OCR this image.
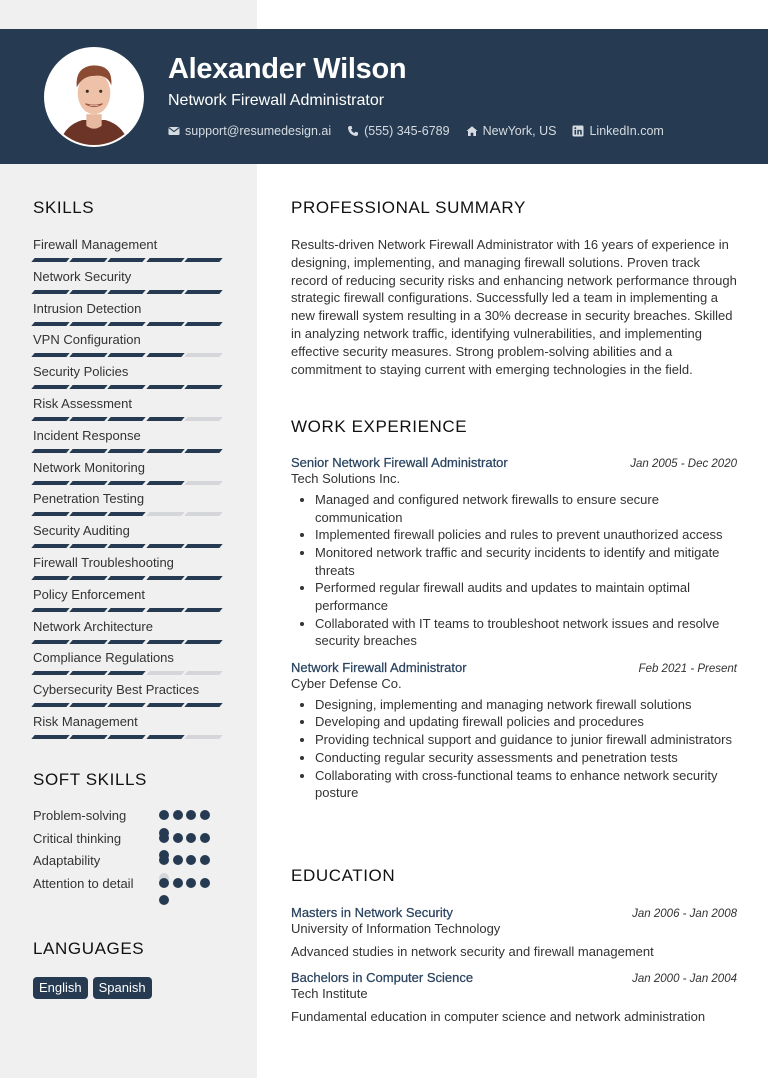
Alexander Wilson
Network Firewall Administrator
support@resumedesign.ai	(555) 345-6789	NewYork, US	LinkedIn.com
SKILLS
Firewall Management
Network Security
Intrusion Detection
VPN Configuration
Security Policies
Risk Assessment
Incident Response
Network Monitoring
Penetration Testing
Security Auditing
Firewall Troubleshooting
Policy Enforcement
Network Architecture
Compliance Regulations
Cybersecurity Best Practices
Risk Management
SOFT SKILLS
Problem-solving
Critical thinking
Adaptability
Attention to detail
LANGUAGES
English	Spanish
PROFESSIONAL SUMMARY

Results-driven Network Firewall Administrator with 16 years of experience in designing, implementing, and managing firewall solutions. Proven track record of reducing security risks and enhancing network performance through strategic firewall configurations. Successfully led a team in implementing a new firewall system resulting in a 30% decrease in security breaches. Skilled in analyzing network traffic, identifying vulnerabilities, and implementing effective security measures. Strong problem-solving abilities and a commitment to staying current with emerging technologies in the field.

WORK EXPERIENCE
Senior Network Firewall Administrator	Jan 2005 - Dec 2020
Tech Solutions Inc.
• Managed and configured network firewalls to ensure secure communication
• Implemented firewall policies and rules to prevent unauthorized access
• Monitored network traffic and security incidents to identify and mitigate threats
• Performed regular firewall audits and updates to maintain optimal performance
• Collaborated with IT teams to troubleshoot network issues and resolve security breaches
Network Firewall Administrator	Feb 2021 - Present
Cyber Defense Co.
• Designing, implementing and managing network firewall solutions
• Developing and updating firewall policies and procedures
• Providing technical support and guidance to junior firewall administrators
• Conducting regular security assessments and penetration tests
• Collaborating with cross-functional teams to enhance network security posture
EDUCATION
Masters in Network Security	Jan 2006 - Jan 2008
University of Information Technology
Advanced studies in network security and firewall management
Bachelors in Computer Science	Jan 2000 - Jan 2004
Tech Institute
Fundamental education in computer science and network administration
